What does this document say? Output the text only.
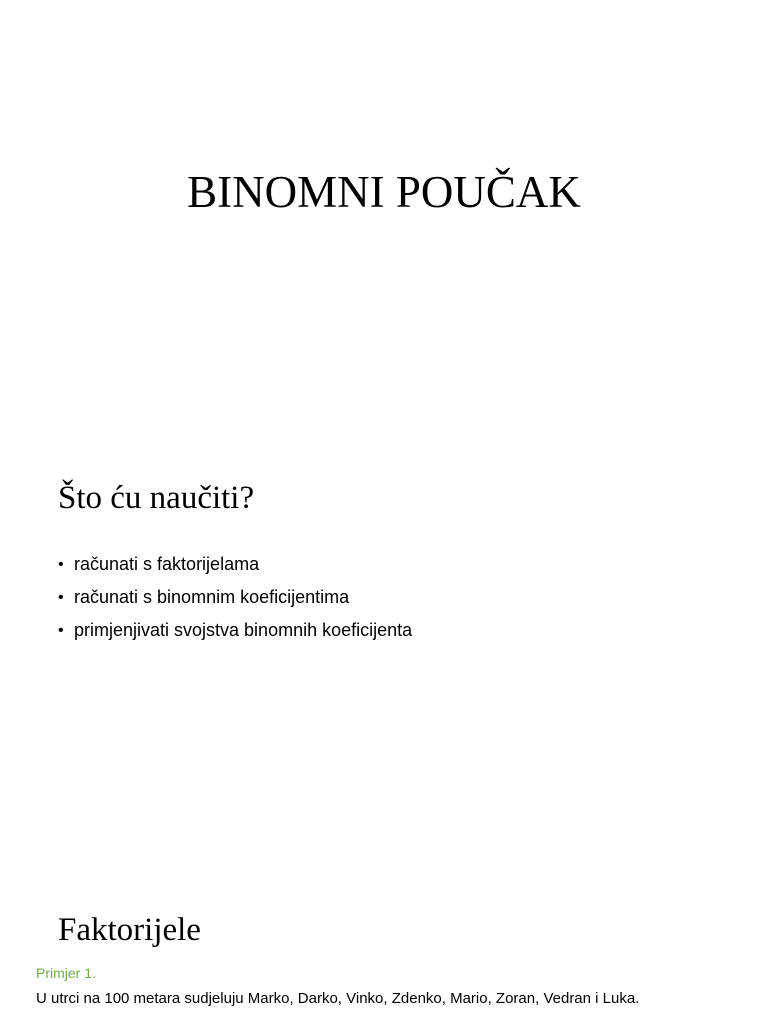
BINOMNI POUČAK
Što ću naučiti?
• računati s faktorijelama
• računati s binomnim koeficijentima
• primjenjivati svojstva binomnih koeficijenta
Faktorijele
Primjer 1.
U utrci na 100 metara sudjeluju Marko, Darko, Vinko, Zdenko, Mario, Zoran, Vedran i Luka.
